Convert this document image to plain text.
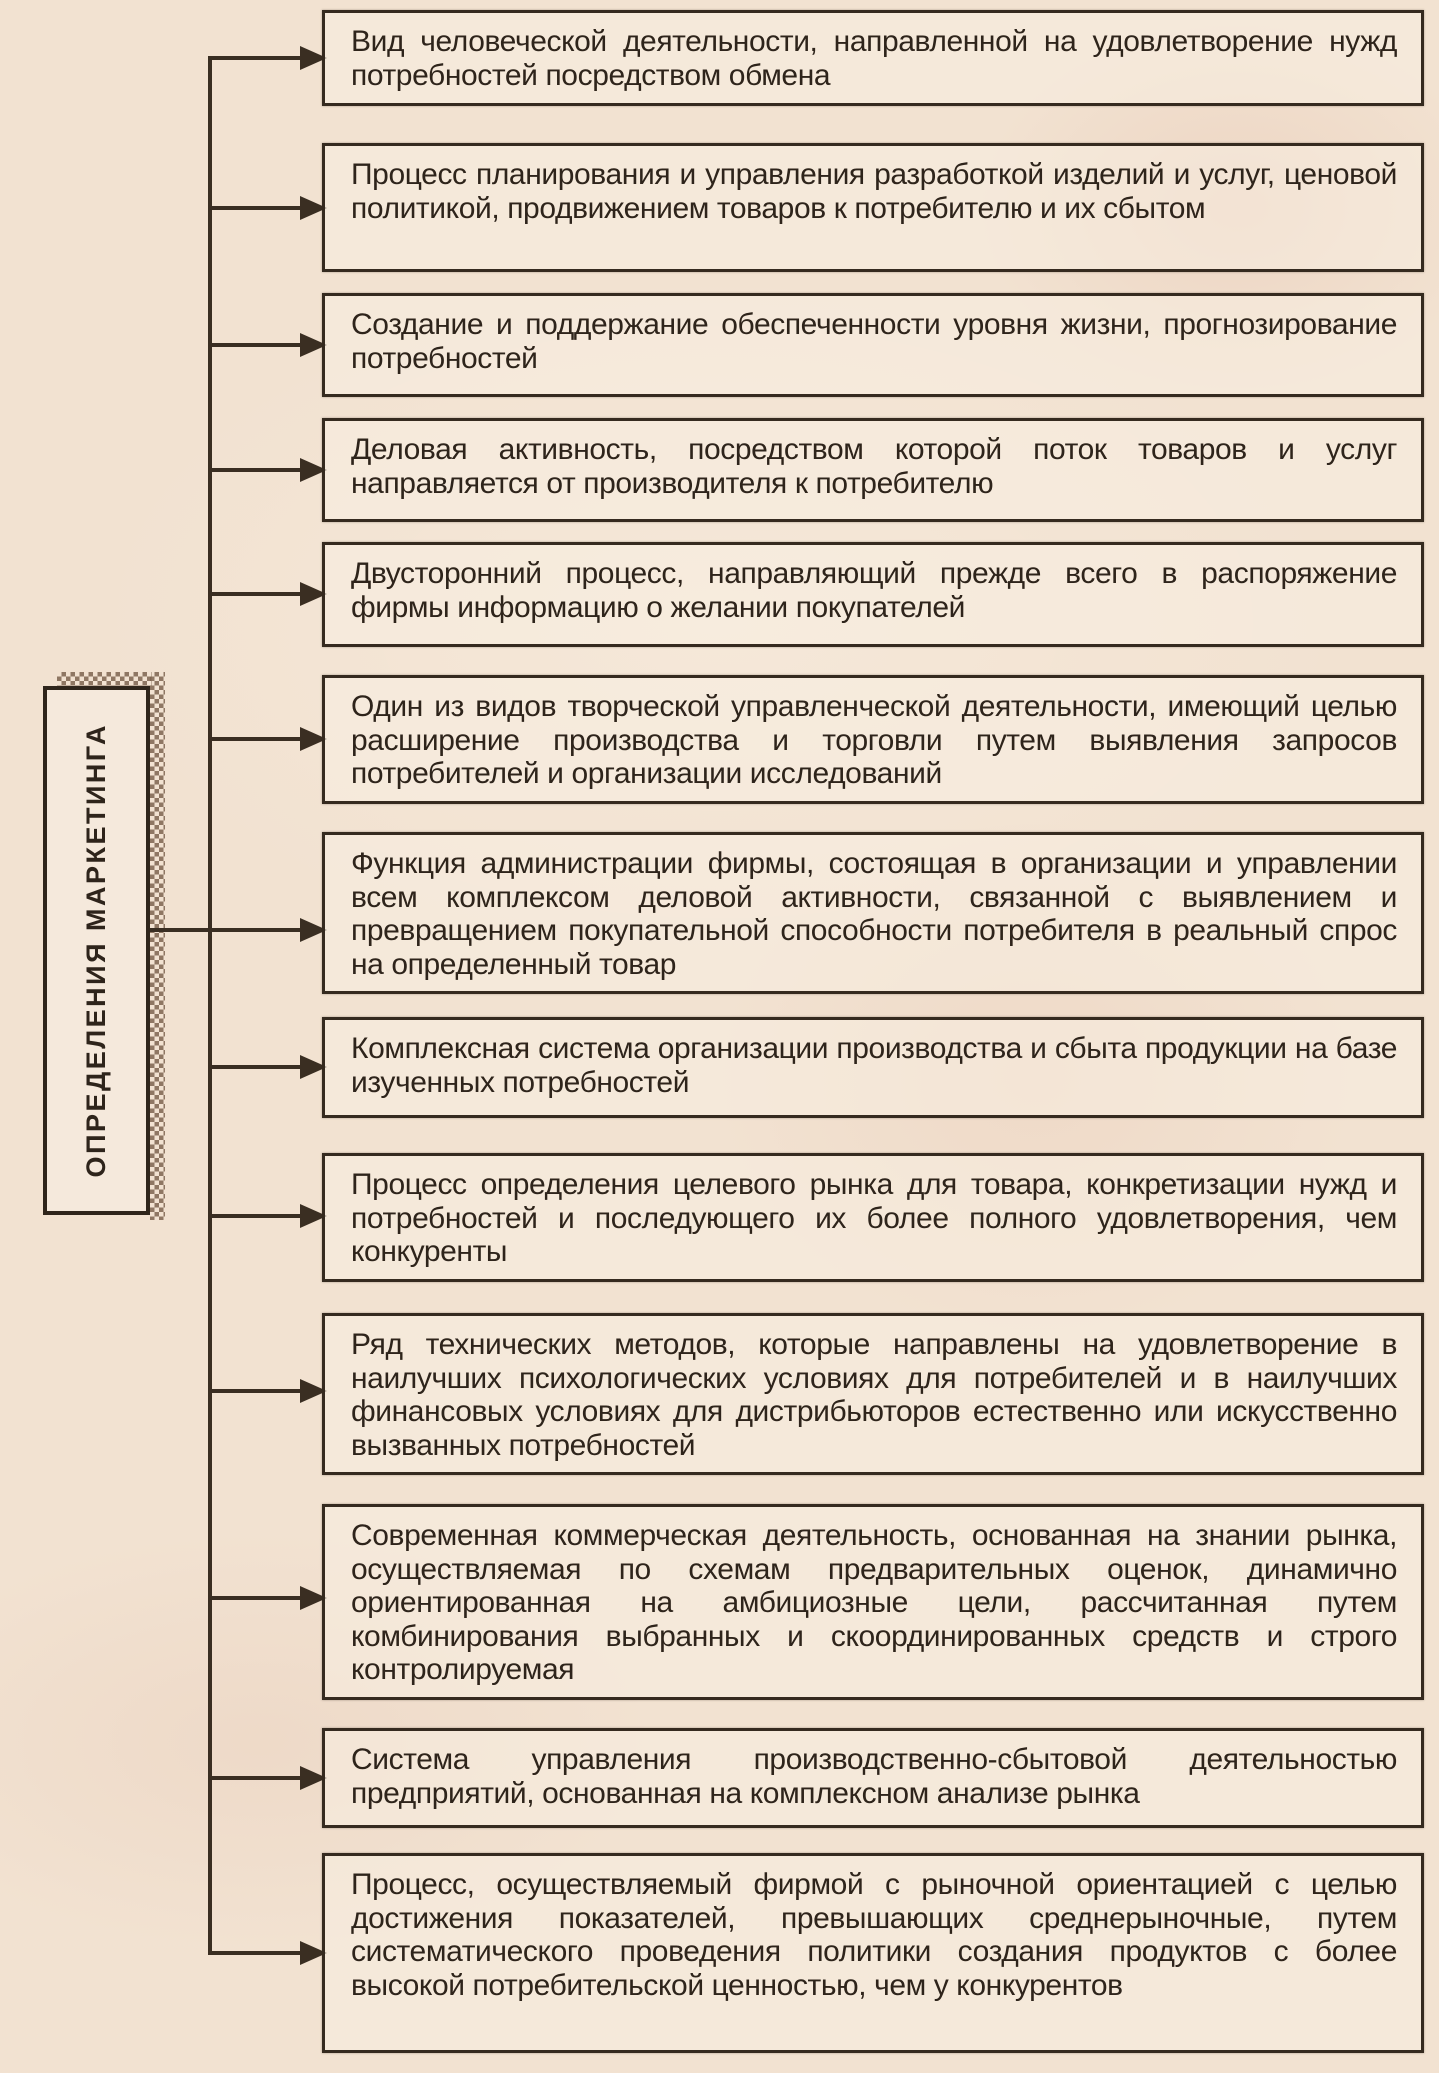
ОПРЕДЕЛЕНИЯ МАРКЕТИНГА
Вид человеческой деятельности, направленной на удовлетворение нужд потребностей посредством обмена
Процесс планирования и управления разработкой изделий и услуг, ценовой политикой, продвижением товаров к потребителю и их сбытом
Создание и поддержание обеспеченности уровня жизни, прогнозирование потребностей
Деловая активность, посредством которой поток товаров и услуг направляется от производителя к потребителю
Двусторонний процесс, направляющий прежде всего в распоряжение фирмы информацию о желании покупателей
Один из видов творческой управленческой деятельности, имеющий целью расширение производства и торговли путем выявления запросов потребителей и организации исследований
Функция администрации фирмы, состоящая в организации и управлении всем комплексом деловой активности, связанной с выявлением и превращением покупательной способности потребителя в реальный спрос на определенный товар
Комплексная система организации производства и сбыта продукции на базе изученных потребностей
Процесс определения целевого рынка для товара, конкретизации нужд и потребностей и последующего их более полного удовлетворения, чем конкуренты
Ряд технических методов, которые направлены на удовлетворение в наилучших психологических условиях для потребителей и в наилучших финансовых условиях для дистрибьюторов естественно или искусственно вызванных потребностей
Современная коммерческая деятельность, основанная на знании рынка, осуществляемая по схемам предварительных оценок, динамично ориентированная на амбициозные цели, рассчитанная путем комбинирования выбранных и скоординированных средств и строго контролируемая
Система управления производственно-сбытовой деятельностью предприятий, основанная на комплексном анализе рынка
Процесс, осуществляемый фирмой с рыночной ориентацией с целью достижения показателей, превышающих среднерыночные, путем систематического проведения политики создания продуктов с более высокой потребительской ценностью, чем у конкурентов
